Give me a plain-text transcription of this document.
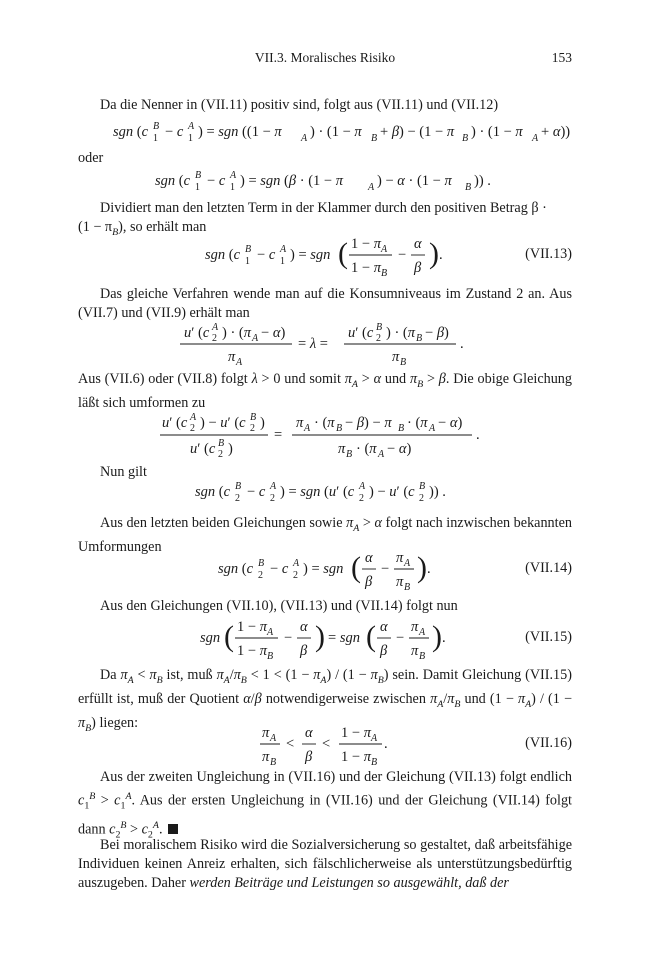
VII.3. Moralisches Risiko	153
Da die Nenner in (VII.11) positiv sind, folgt aus (VII.11) und (VII.12)
sgn (c B
1 − c A
1 ) = sgn ((1 − π A ) · (1 − π B + β) − (1 − π B ) · (1 − π A + α))
oder
sgn (c B
1 − c A
1 ) = sgn (β · (1 − π	A ) − α · (1 − π B )) .
Dividiert man den letzten Term in der Klammer durch den positiven Betrag β ·
$(1 - \pi_B)$, so erhält man
sgn (c B
1 − c A
1 ) = sgn ( 1 − π A
1 − π B
−
α
β ) .	(VII.13)
Das gleiche Verfahren wende man auf die Konsumniveaus im Zustand 2 an. Aus (VII.7) und (VII.9) erhält man
u′ (c A
2 ) · (π A − α)
π A
= λ =
u′ (c B
2 ) · (π B − β)
π B
.
Aus (VII.6) oder (VII.8) folgt λ > 0 und somit $\pi_A > \alpha$ und $\pi_B > \beta$. Die obige Gleichung läßt sich umformen zu
u′ (c A
2 ) − u′ (c B
2 )
u′ (c B
2 )
=
π A · (π B − β) − π B · (π A − α)
π B · (π A − α)
.
Nun gilt
sgn (c B
2 − c A
2 ) = sgn (u′ (c A
2 ) − u′ (c B
2 )) .
Aus den letzten beiden Gleichungen sowie $\pi_A > \alpha$ folgt nach inzwischen bekannten Umformungen
sgn (c B
2 − c A
2 ) = sgn ( α
β
−
π A
π B
) .	(VII.14)
Aus den Gleichungen (VII.10), (VII.13) und (VII.14) folgt nun
sgn ( 1 − π A
1 − π B
−
α
β ) = sgn ( α
β
−
π A
π B
) .	(VII.15)
Da $\pi_A < \pi_B$ ist, muß $\pi_A/\pi_B < 1 < (1 - \pi_A) / (1 - \pi_B)$ sein. Damit Gleichung (VII.15) erfüllt ist, muß der Quotient α/β notwendigerweise zwischen $\pi_A/\pi_B$ und $(1 - \pi_A) / (1 - \pi_B)$ liegen:
π A
π B
<
α
β
<
1 − π A
1 − π B
.	(VII.16)
Aus der zweiten Ungleichung in (VII.16) und der Gleichung (VII.13) folgt endlich $c_1^B > c_1^A$. Aus der ersten Ungleichung in (VII.16) und der Gleichung (VII.14) folgt dann $c_2^B > c_2^A$.
Bei moralischem Risiko wird die Sozialversicherung so gestaltet, daß arbeitsfähige Individuen keinen Anreiz erhalten, sich fälschlicherweise als unterstützungsbedürftig auszugeben. Daher werden Beiträge und Leistungen so ausgewählt, daß der
